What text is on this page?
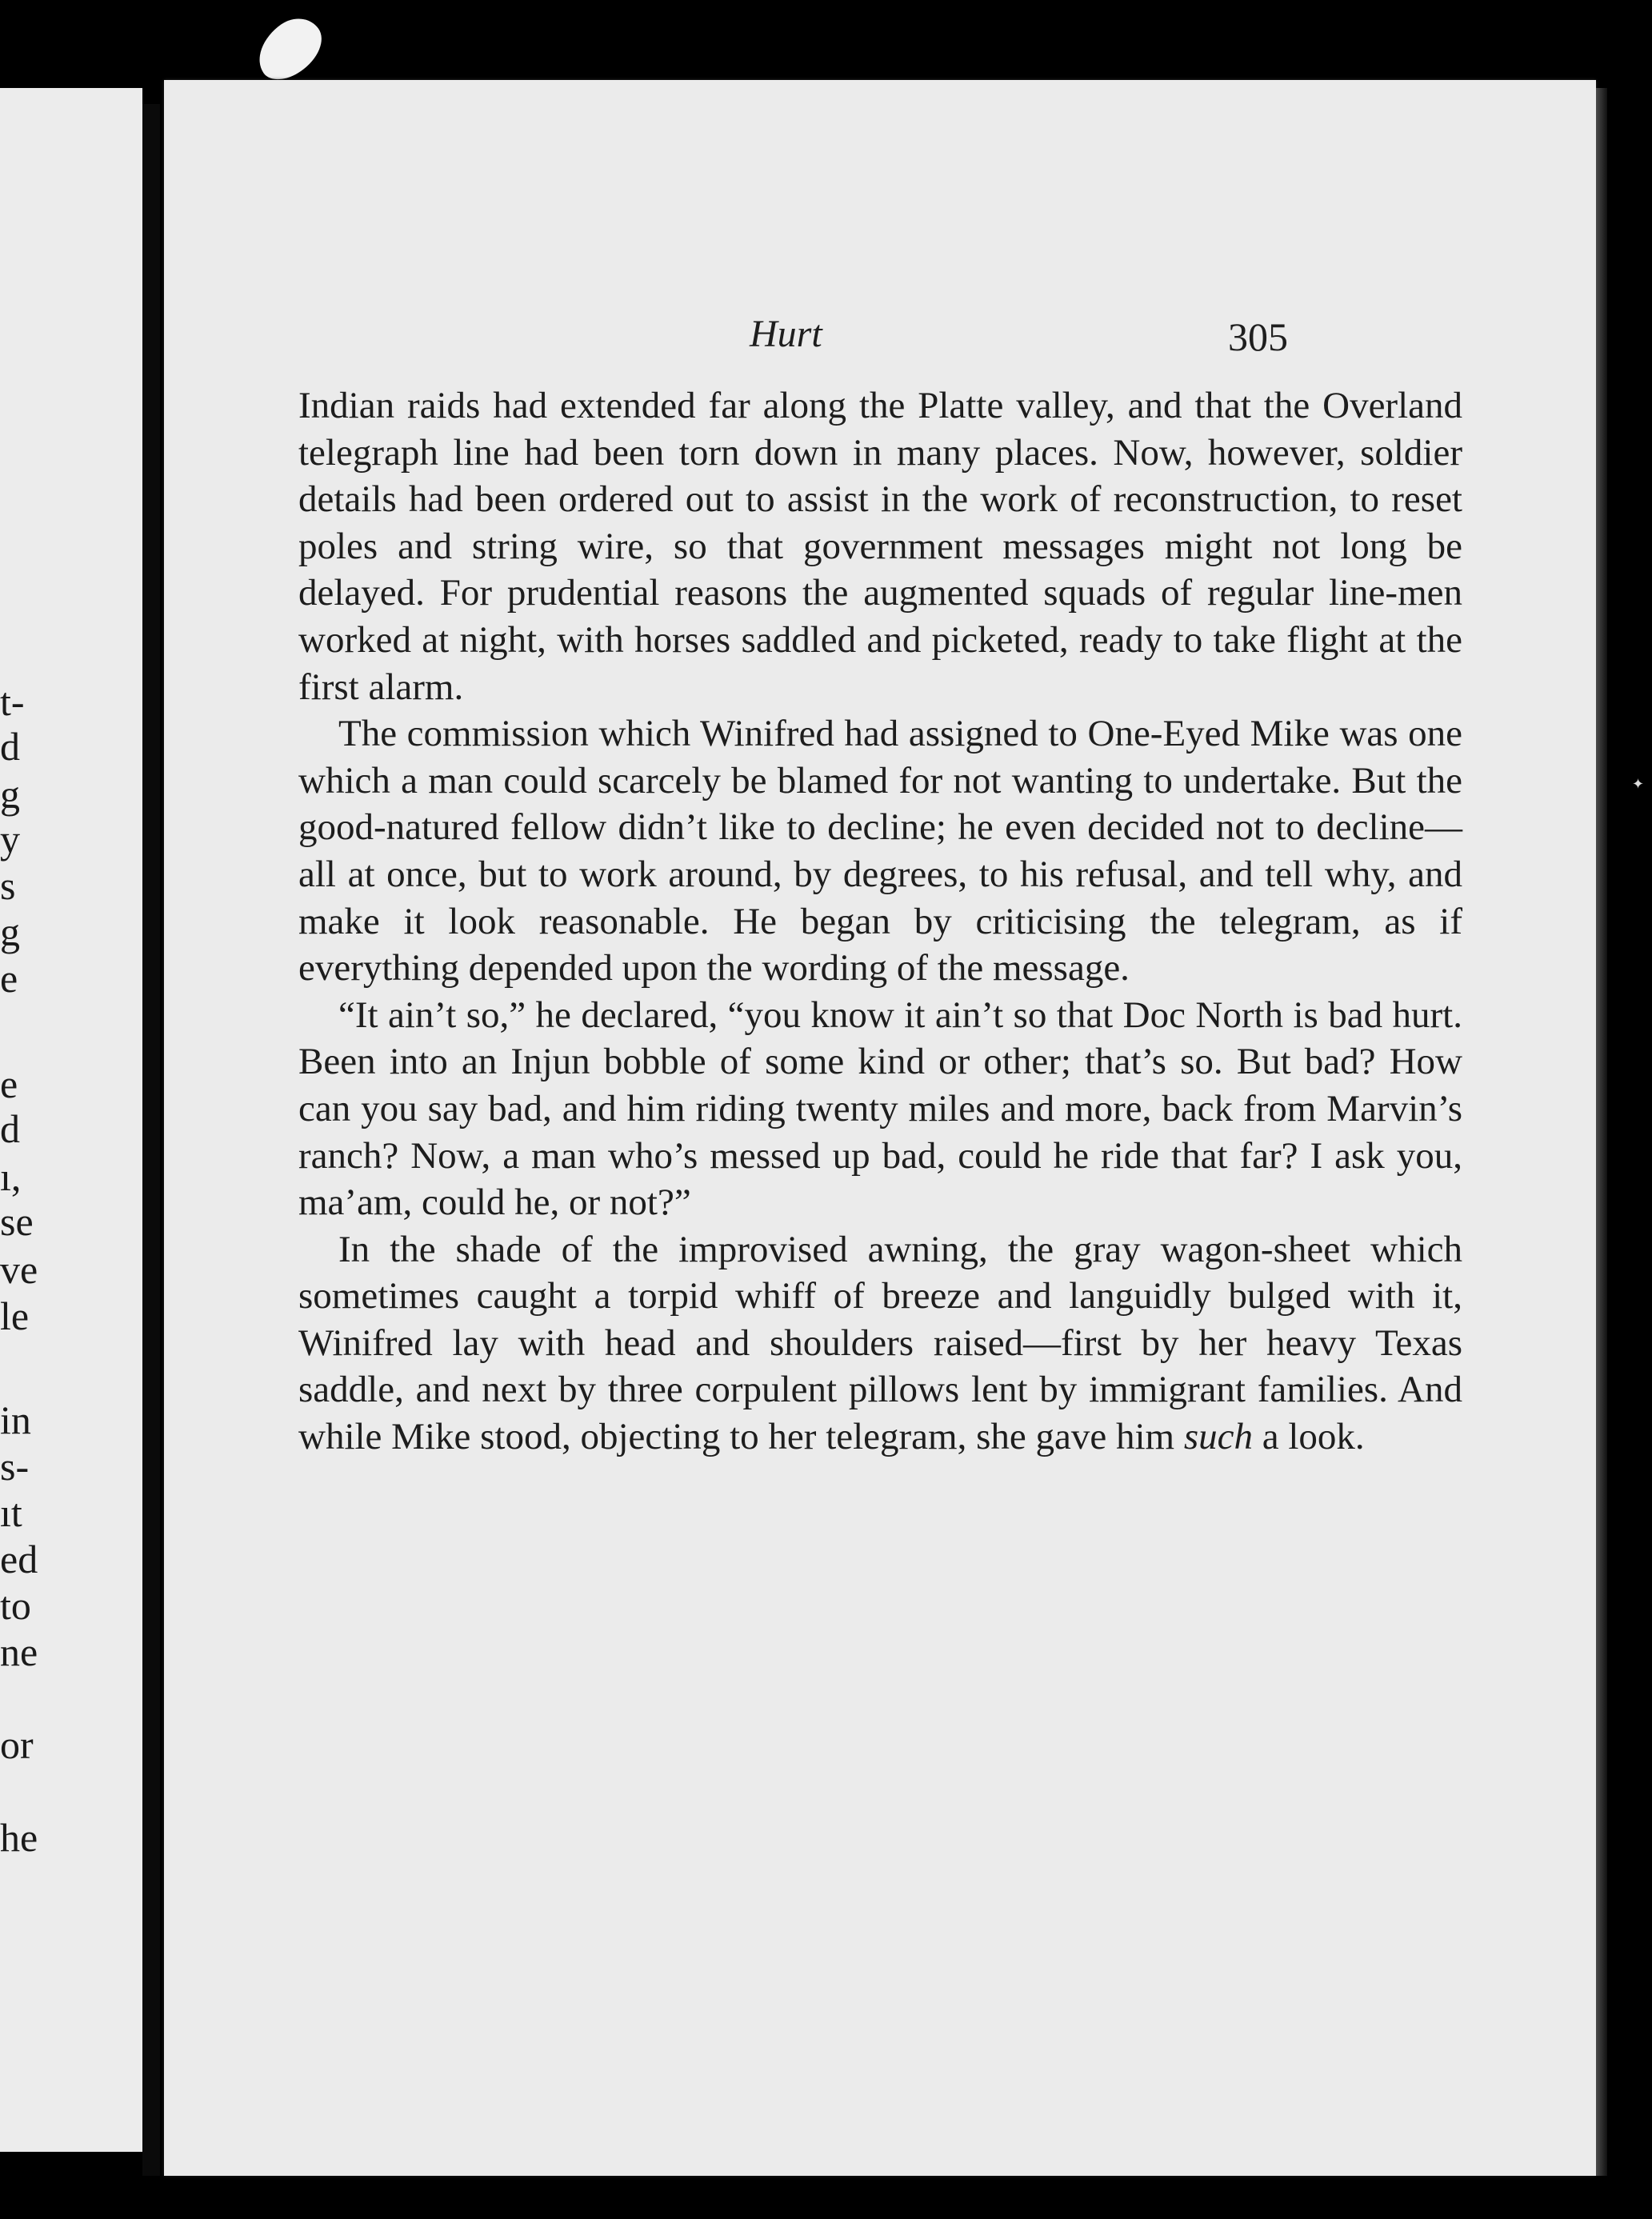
t-
d
g
y
s
g
e
e
d
ı,
se
ve
le
in
s-
ıt
ed
to
ne
or
he
Hurt	305

Indian raids had extended far along the Platte valley, and that the Overland telegraph line had been torn down in many places. Now, however, soldier details had been ordered out to assist in the work of reconstruction, to reset poles and string wire, so that government messages might not long be delayed. For prudential reasons the augmented squads of regular line-men worked at night, with horses saddled and picketed, ready to take flight at the first alarm.

The commission which Winifred had assigned to One-Eyed Mike was one which a man could scarcely be blamed for not wanting to undertake. But the good-natured fellow didn’t like to decline; he even decided not to decline—all at once, but to work around, by degrees, to his refusal, and tell why, and make it look reasonable. He began by criticising the telegram, as if everything depended upon the wording of the message.

“It ain’t so,” he declared, “you know it ain’t so that Doc North is bad hurt. Been into an Injun bobble of some kind or other; that’s so. But bad? How can you say bad, and him riding twenty miles and more, back from Marvin’s ranch? Now, a man who’s messed up bad, could he ride that far? I ask you, ma’am, could he, or not?”

In the shade of the improvised awning, the gray wagon-sheet which sometimes caught a torpid whiff of breeze and languidly bulged with it, Winifred lay with head and shoulders raised—first by her heavy Texas saddle, and next by three corpulent pillows lent by immigrant families. And while Mike stood, objecting to her telegram, she gave him such a look.

✦
